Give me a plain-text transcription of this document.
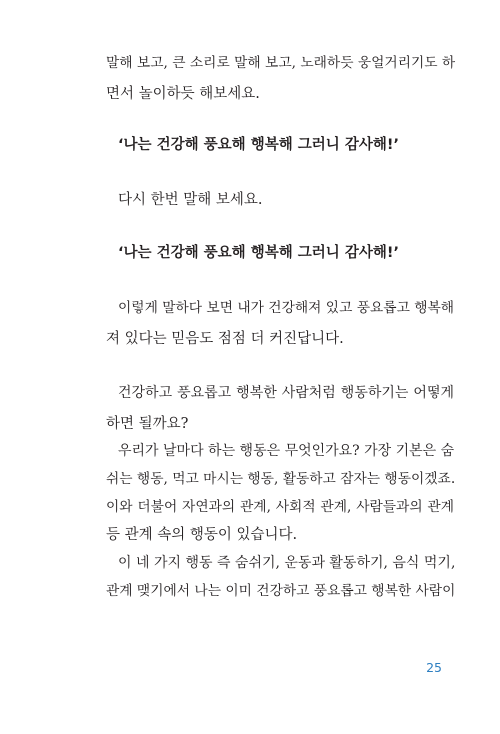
말해 보고, 큰 소리로 말해 보고, 노래하듯 웅얼거리기도 하
면서 놀이하듯 해보세요.
‘나는 건강해 풍요해 행복해 그러니 감사해!’
다시 한번 말해 보세요.
‘나는 건강해 풍요해 행복해 그러니 감사해!’
이렇게 말하다 보면 내가 건강해져 있고 풍요롭고 행복해
져 있다는 믿음도 점점 더 커진답니다.
건강하고 풍요롭고 행복한 사람처럼 행동하기는 어떻게
하면 될까요?
우리가 날마다 하는 행동은 무엇인가요? 가장 기본은 숨
쉬는 행동, 먹고 마시는 행동, 활동하고 잠자는 행동이겠죠.
이와 더불어 자연과의 관계, 사회적 관계, 사람들과의 관계
등 관계 속의 행동이 있습니다.
이 네 가지 행동 즉 숨쉬기, 운동과 활동하기, 음식 먹기,
관계 맺기에서 나는 이미 건강하고 풍요롭고 행복한 사람이
25
